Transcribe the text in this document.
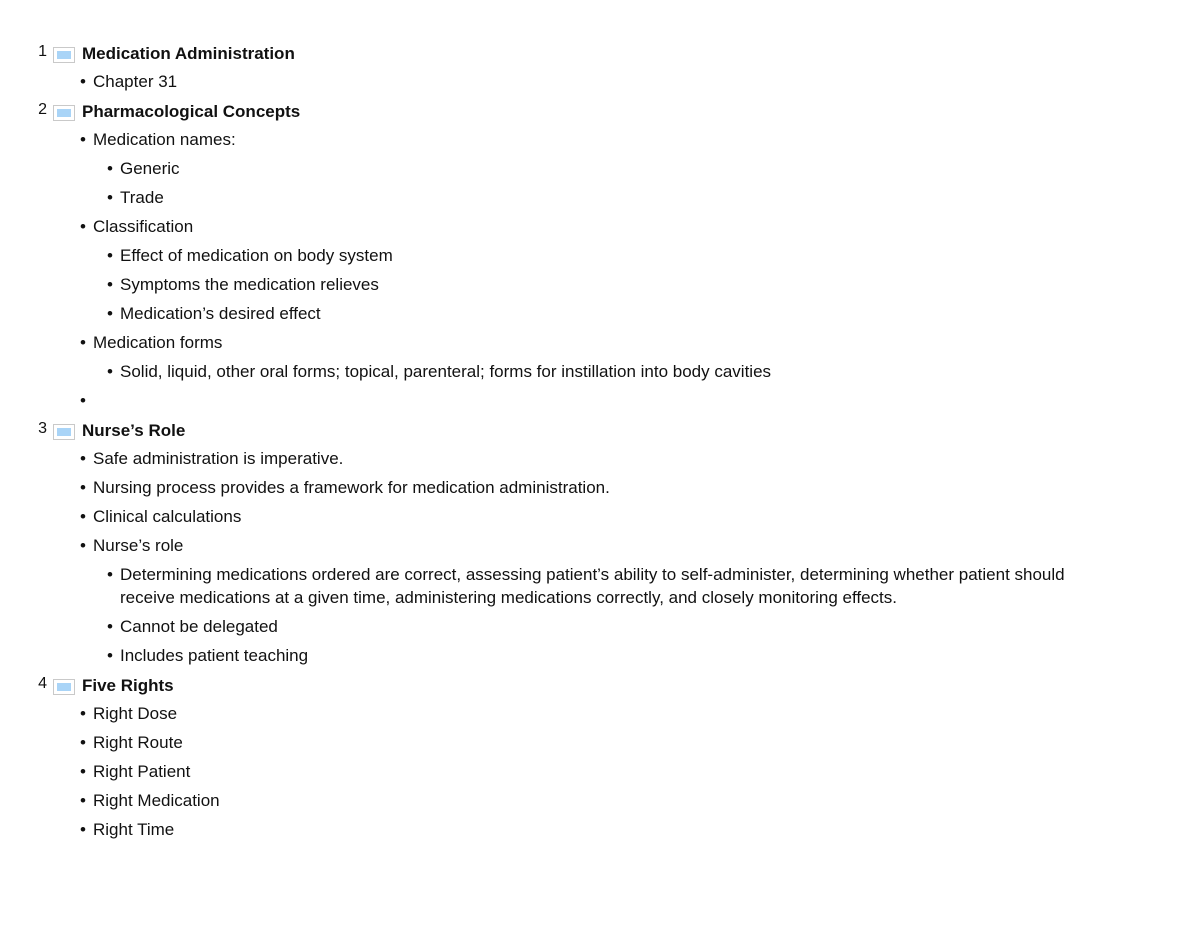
1 Medication Administration
• Chapter 31
2 Pharmacological Concepts
• Medication names:
• Generic
• Trade
• Classification
• Effect of medication on body system
• Symptoms the medication relieves
• Medication’s desired effect
• Medication forms
• Solid, liquid, other oral forms; topical, parenteral; forms for instillation into body cavities
•
3 Nurse’s Role
• Safe administration is imperative.
• Nursing process provides a framework for medication administration.
• Clinical calculations
• Nurse’s role
• Determining medications ordered are correct, assessing patient’s ability to self-administer, determining whether patient should receive medications at a given time, administering medications correctly, and closely monitoring effects.
• Cannot be delegated
• Includes patient teaching
4 Five Rights
• Right Dose
• Right Route
• Right Patient
• Right Medication
• Right Time
